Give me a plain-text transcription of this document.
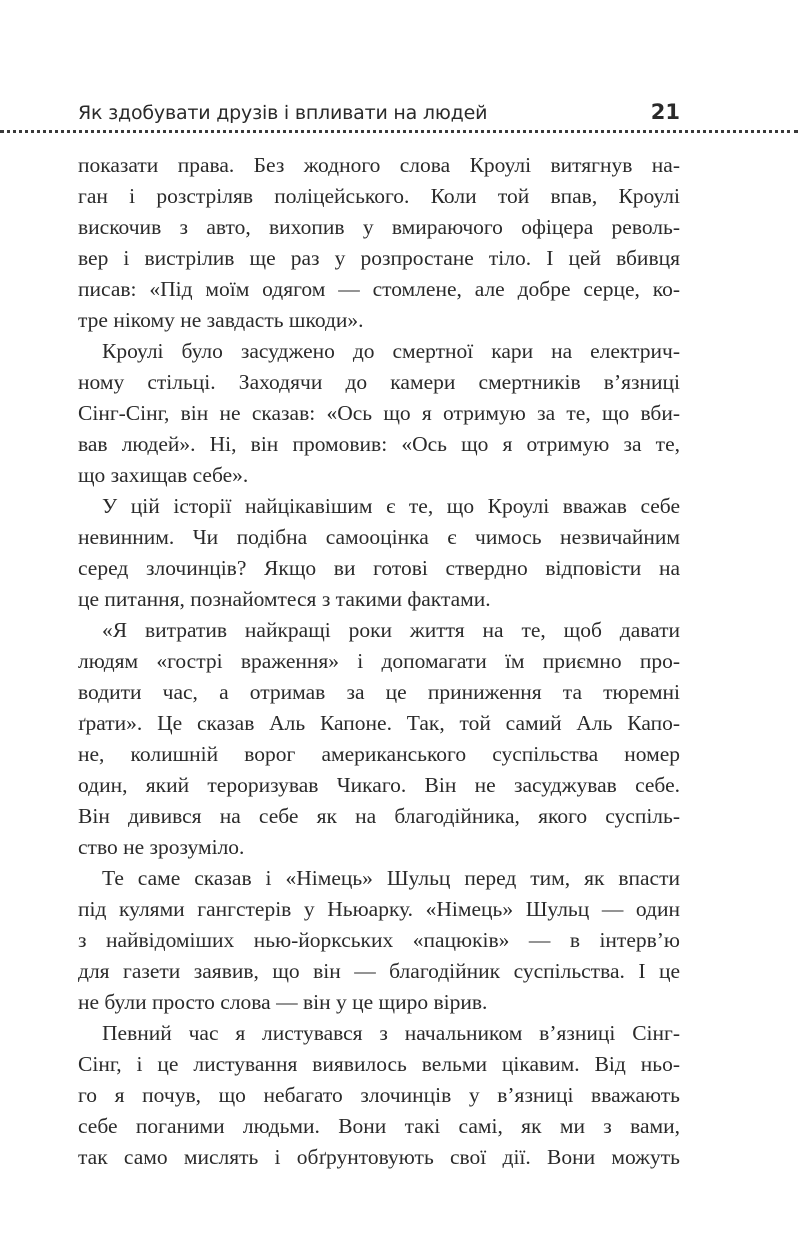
Як здобувати друзів і впливати на людей	21
показати права. Без жодного слова Кроулі витягнув на-
ган і розстріляв поліцейського. Коли той впав, Кроулі
вискочив з авто, вихопив у вмираючого офіцера револь-
вер і вистрілив ще раз у розпростане тіло. І цей вбивця
писав: «Під моїм одягом — стомлене, але добре серце, ко-
тре нікому не завдасть шкоди».
Кроулі було засуджено до смертної кари на електрич-
ному стільці. Заходячи до камери смертників в’язниці
Сінг-Сінг, він не сказав: «Ось що я отримую за те, що вби-
вав людей». Ні, він промовив: «Ось що я отримую за те,
що захищав себе».
У цій історії найцікавішим є те, що Кроулі вважав себе
невинним. Чи подібна самооцінка є чимось незвичайним
серед злочинців? Якщо ви готові ствердно відповісти на
це питання, познайомтеся з такими фактами.
«Я витратив найкращі роки життя на те, щоб давати
людям «гострі враження» і допомагати їм приємно про-
водити час, а отримав за це приниження та тюремні
ґрати». Це сказав Аль Капоне. Так, той самий Аль Капо-
не, колишній ворог американського суспільства номер
один, який тероризував Чикаго. Він не засуджував себе.
Він дивився на себе як на благодійника, якого суспіль-
ство не зрозуміло.
Те саме сказав і «Німець» Шульц перед тим, як впасти
під кулями гангстерів у Ньюарку. «Німець» Шульц — один
з найвідоміших нью-йоркських «пацюків» — в інтерв’ю
для газети заявив, що він — благодійник суспільства. І це
не були просто слова — він у це щиро вірив.
Певний час я листувався з начальником в’язниці Сінг-
Сінг, і це листування виявилось вельми цікавим. Від ньо-
го я почув, що небагато злочинців у в’язниці вважають
себе поганими людьми. Вони такі самі, як ми з вами,
так само мислять і обґрунтовують свої дії. Вони можуть
